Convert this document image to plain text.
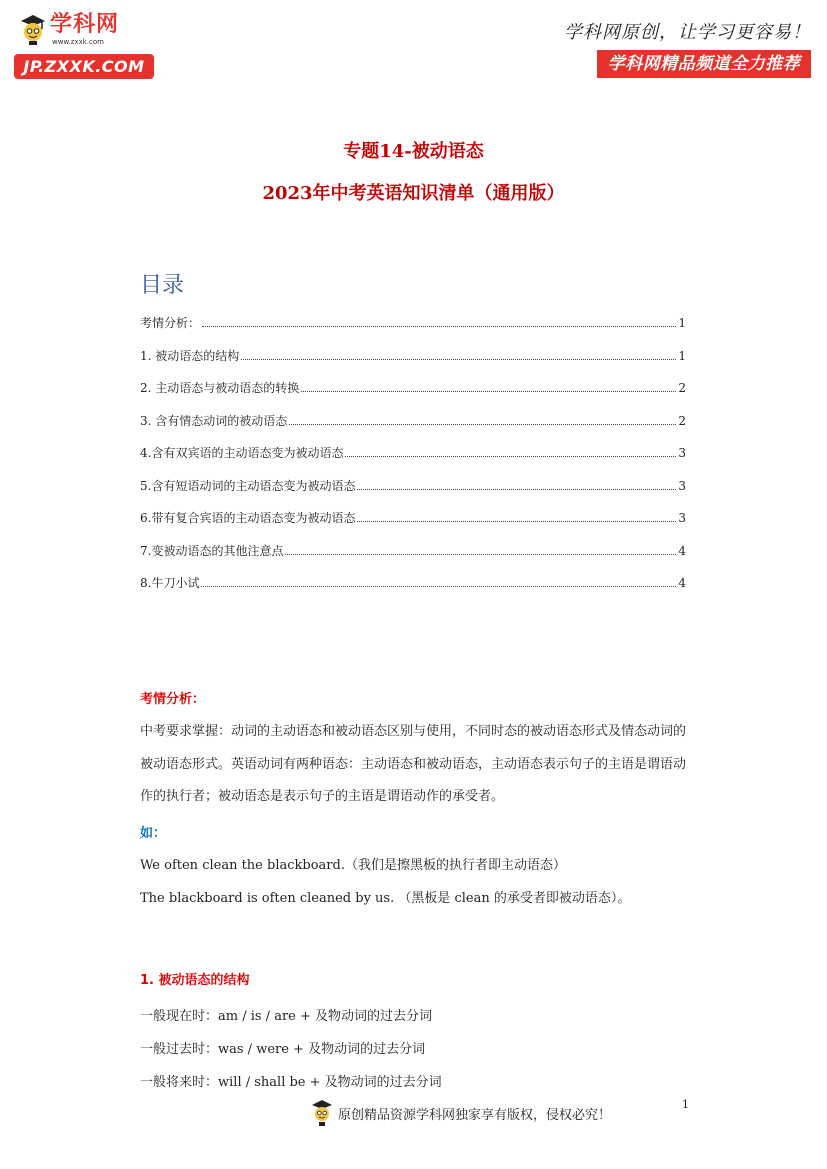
学科网
www.zxxk.com
JP.ZXXK.COM
学科网原创，让学习更容易！
学科网精品频道全力推荐
专题14-被动语态
2023年中考英语知识清单（通用版）
目录
考情分析：	1
1. 被动语态的结构	1
2. 主动语态与被动语态的转换	2
3. 含有情态动词的被动语态	2
4.含有双宾语的主动语态变为被动语态	3
5.含有短语动词的主动语态变为被动语态	3
6.带有复合宾语的主动语态变为被动语态	3
7.变被动语态的其他注意点	4
8.牛刀小试	4
考情分析：
中考要求掌握：动词的主动语态和被动语态区别与使用，不同时态的被动语态形式及情态动词的被动语态形式。英语动词有两种语态：主动语态和被动语态，主动语态表示句子的主语是谓语动作的执行者；被动语态是表示句子的主语是谓语动作的承受者。
如：
We often clean the blackboard.（我们是擦黑板的执行者即主动语态）
The blackboard is often cleaned by us. （黑板是 clean 的承受者即被动语态）。
1. 被动语态的结构
一般现在时：am / is / are + 及物动词的过去分词
一般过去时：was / were + 及物动词的过去分词
一般将来时：will / shall be + 及物动词的过去分词
原创精品资源学科网独家享有版权，侵权必究！
1
